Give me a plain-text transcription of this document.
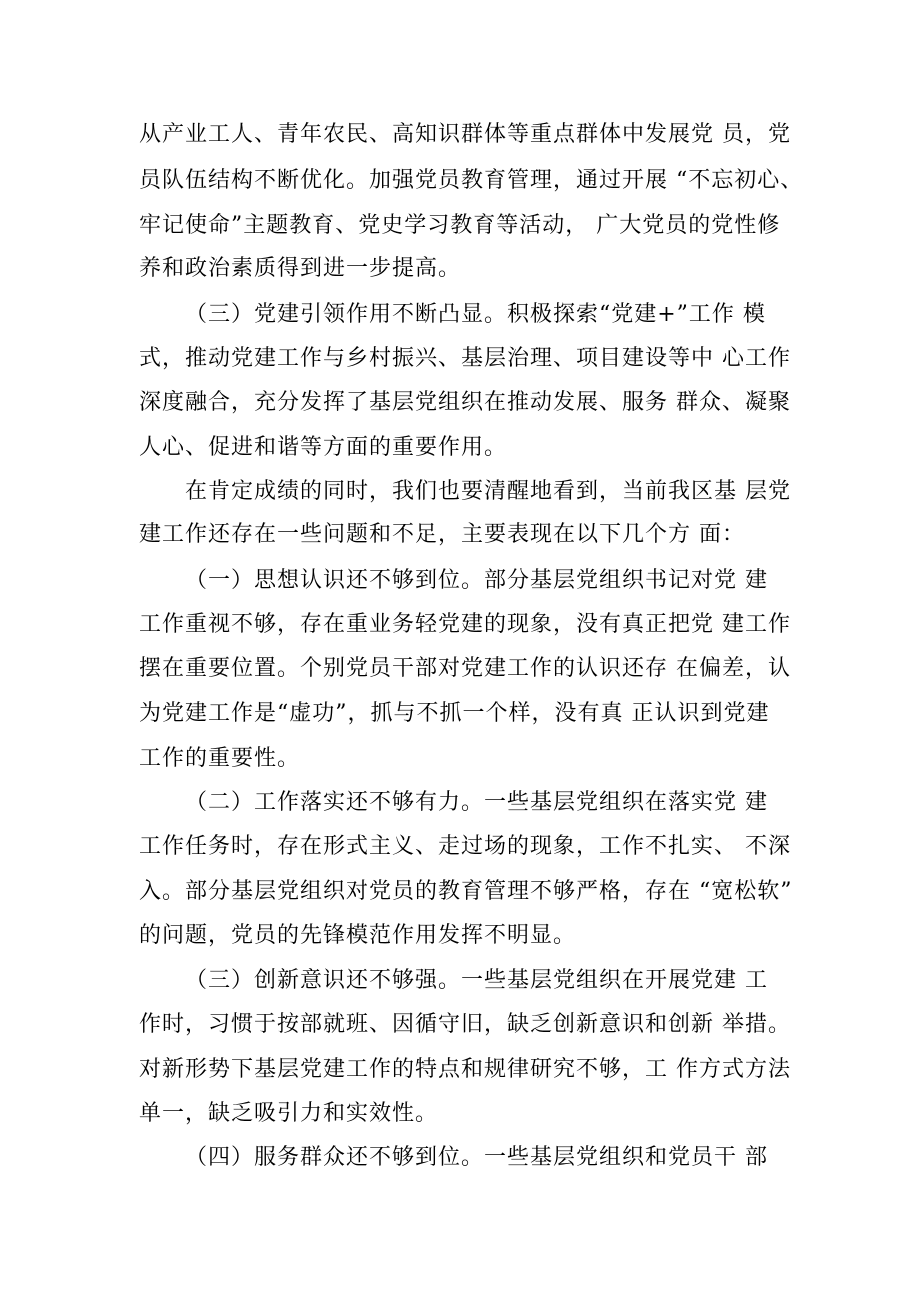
从产业工人、青年农民、高知识群体等重点群体中发展党 员，党

员队伍结构不断优化。加强党员教育管理，通过开展 “不忘初心、

牢记使命”主题教育、党史学习教育等活动， 广大党员的党性修

养和政治素质得到进一步提高。

（三）党建引领作用不断凸显。积极探索“党建+”工作 模

式，推动党建工作与乡村振兴、基层治理、项目建设等中 心工作

深度融合，充分发挥了基层党组织在推动发展、服务 群众、凝聚

人心、促进和谐等方面的重要作用。

在肯定成绩的同时，我们也要清醒地看到，当前我区基 层党

建工作还存在一些问题和不足，主要表现在以下几个方 面：

（一）思想认识还不够到位。部分基层党组织书记对党 建

工作重视不够，存在重业务轻党建的现象，没有真正把党 建工作

摆在重要位置。个别党员干部对党建工作的认识还存 在偏差，认

为党建工作是“虚功”，抓与不抓一个样，没有真 正认识到党建

工作的重要性。

（二）工作落实还不够有力。一些基层党组织在落实党 建

工作任务时，存在形式主义、走过场的现象，工作不扎实、 不深

入。部分基层党组织对党员的教育管理不够严格，存在 “宽松软”

的问题，党员的先锋模范作用发挥不明显。

（三）创新意识还不够强。一些基层党组织在开展党建 工

作时，习惯于按部就班、因循守旧，缺乏创新意识和创新 举措。

对新形势下基层党建工作的特点和规律研究不够，工 作方式方法

单一，缺乏吸引力和实效性。

（四）服务群众还不够到位。一些基层党组织和党员干 部
